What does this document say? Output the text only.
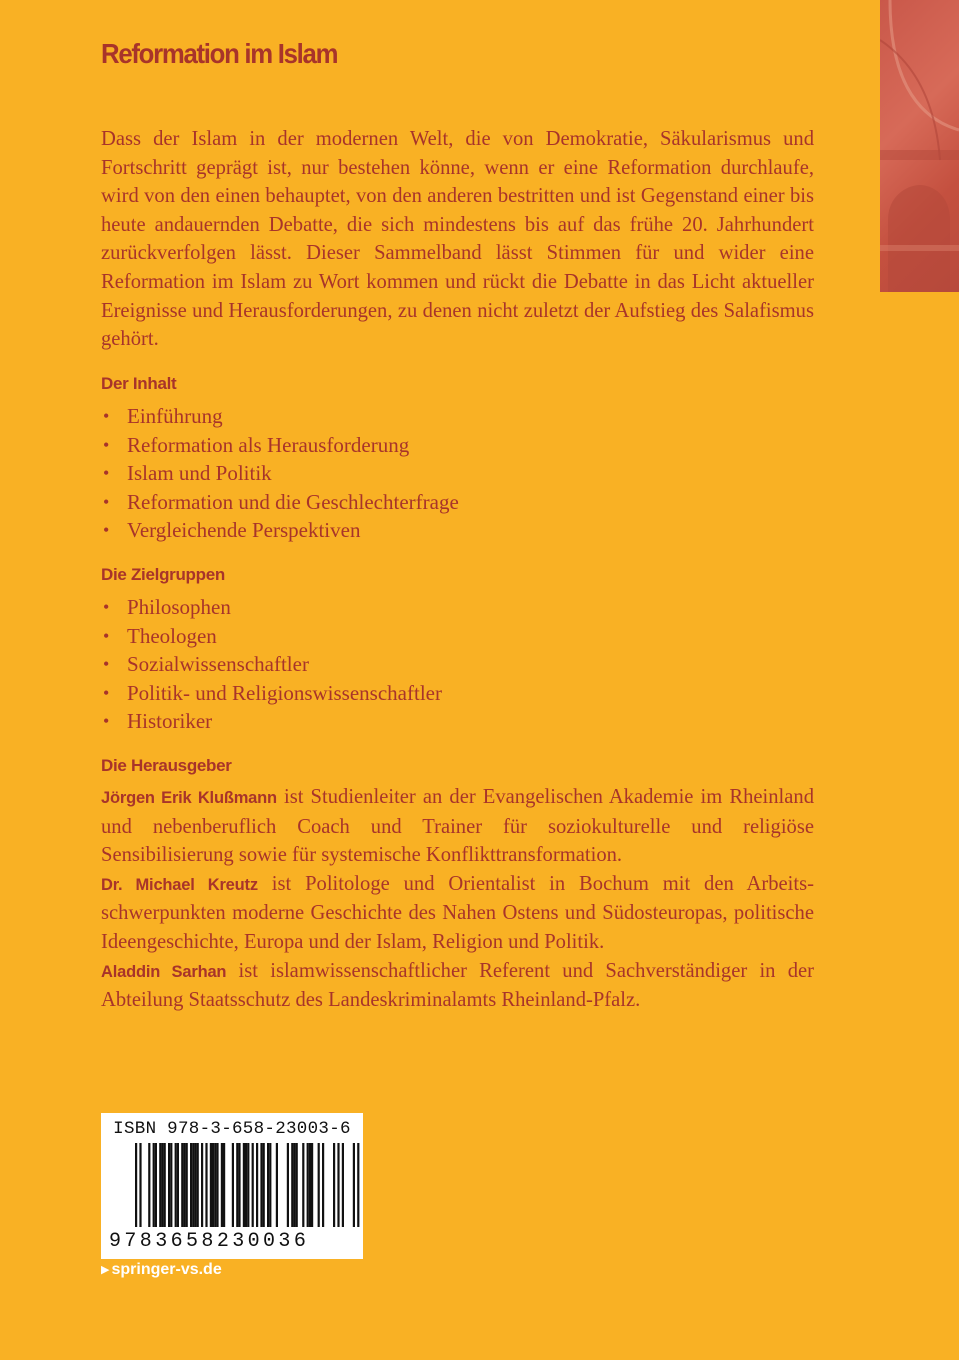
Reformation im Islam

Dass der Islam in der modernen Welt, die von Demokratie, Säkularismus und Fortschritt geprägt ist, nur bestehen könne, wenn er eine Reformation durchlaufe, wird von den einen behauptet, von den anderen bestritten und ist Gegenstand einer bis heute andauernden Debatte, die sich mindestens bis auf das frühe 20. Jahrhundert zurückverfolgen lässt. Dieser Sammelband lässt Stimmen für und wider eine Reformation im Islam zu Wort kommen und rückt die Debatte in das Licht aktueller Ereignisse und Herausforderungen, zu denen nicht zuletzt der Aufstieg des Salafismus gehört.

Der Inhalt
• Einführung
• Reformation als Herausforderung
• Islam und Politik
• Reformation und die Geschlechterfrage
• Vergleichende Perspektiven
Die Zielgruppen
• Philosophen
• Theologen
• Sozialwissenschaftler
• Politik- und Religionswissenschaftler
• Historiker
Die Herausgeber
Jörgen Erik Klußmann ist Studienleiter an der Evangelischen Akademie im Rheinland und nebenberuflich Coach und Trainer für soziokulturelle und religiöse Sensibilisierung sowie für systemische Konflikttransformation.
Dr. Michael Kreutz ist Politologe und Orientalist in Bochum mit den Arbeitsschwerpunkten moderne Geschichte des Nahen Ostens und Südosteuropas, politische Ideengeschichte, Europa und der Islam, Religion und Politik.
Aladdin Sarhan ist islamwissenschaftlicher Referent und Sachverständiger in der Abteilung Staatsschutz des Landeskriminalamts Rheinland-Pfalz.
ISBN 978-3-658-23003-6
9783658230036

▶ springer-vs.de
